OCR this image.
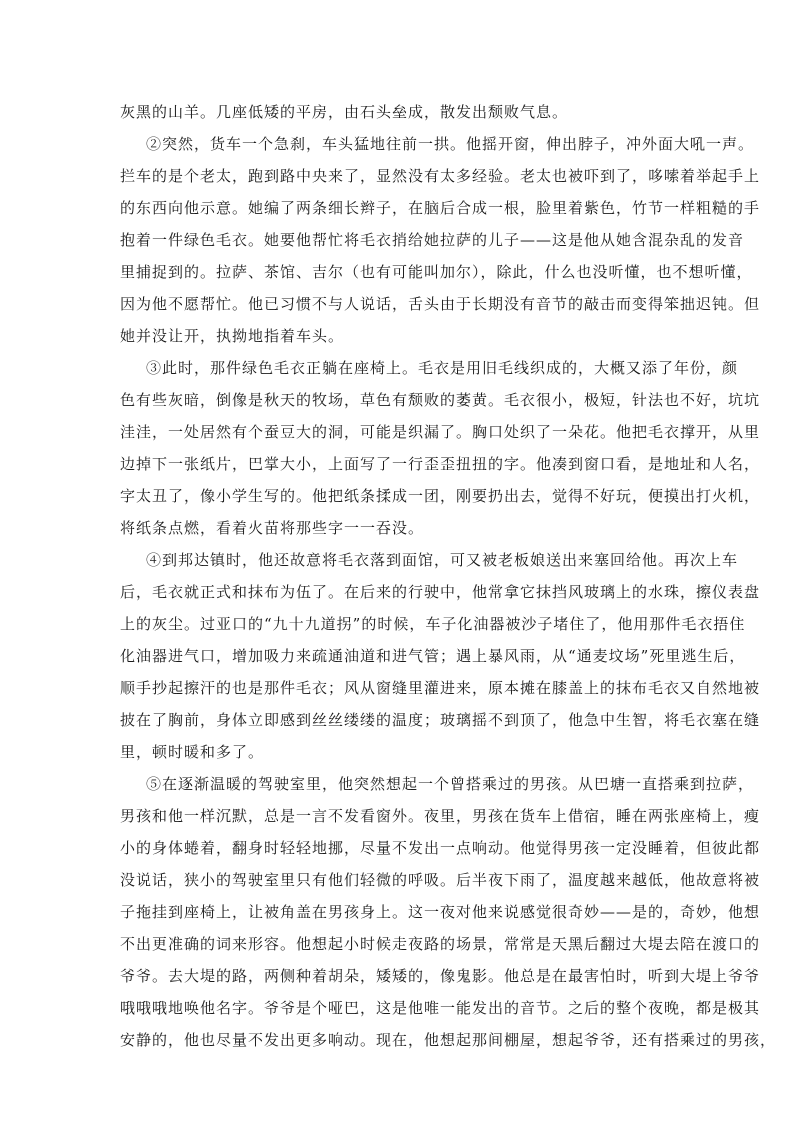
灰黑的山羊。几座低矮的平房，由石头垒成，散发出颓败气息。
②突然，货车一个急刹，车头猛地往前一拱。他摇开窗，伸出脖子，冲外面大吼一声。
拦车的是个老太，跑到路中央来了，显然没有太多经验。老太也被吓到了，哆嗦着举起手上
的东西向他示意。她编了两条细长辫子，在脑后合成一根，脸里着紫色，竹节一样粗糙的手
抱着一件绿色毛衣。她要他帮忙将毛衣捎给她拉萨的儿子——这是他从她含混杂乱的发音
里捕捉到的。拉萨、茶馆、吉尔（也有可能叫加尔），除此，什么也没听懂，也不想听懂，
因为他不愿帮忙。他已习惯不与人说话，舌头由于长期没有音节的敲击而变得笨拙迟钝。但
她并没让开，执拗地指着车头。
③此时，那件绿色毛衣正躺在座椅上。毛衣是用旧毛线织成的，大概又添了年份，颜
色有些灰暗，倒像是秋天的牧场，草色有颓败的萎黄。毛衣很小，极短，针法也不好，坑坑
洼洼，一处居然有个蚕豆大的洞，可能是织漏了。胸口处织了一朵花。他把毛衣撑开，从里
边掉下一张纸片，巴掌大小，上面写了一行歪歪扭扭的字。他凑到窗口看，是地址和人名，
字太丑了，像小学生写的。他把纸条揉成一团，刚要扔出去，觉得不好玩，便摸出打火机，
将纸条点燃，看着火苗将那些字一一吞没。
④到邦达镇时，他还故意将毛衣落到面馆，可又被老板娘送出来塞回给他。再次上车
后，毛衣就正式和抹布为伍了。在后来的行驶中，他常拿它抹挡风玻璃上的水珠，擦仪表盘
上的灰尘。过亚口的“九十九道拐”的时候，车子化油器被沙子堵住了，他用那件毛衣捂住
化油器进气口，增加吸力来疏通油道和进气管；遇上暴风雨，从“通麦坟场”死里逃生后，
顺手抄起擦汗的也是那件毛衣；风从窗缝里灌进来，原本摊在膝盖上的抹布毛衣又自然地被
披在了胸前，身体立即感到丝丝缕缕的温度；玻璃摇不到顶了，他急中生智，将毛衣塞在缝
里，顿时暖和多了。
⑤在逐渐温暖的驾驶室里，他突然想起一个曾搭乘过的男孩。从巴塘一直搭乘到拉萨，
男孩和他一样沉默，总是一言不发看窗外。夜里，男孩在货车上借宿，睡在两张座椅上，瘦
小的身体蜷着，翻身时轻轻地挪，尽量不发出一点响动。他觉得男孩一定没睡着，但彼此都
没说话，狭小的驾驶室里只有他们轻微的呼吸。后半夜下雨了，温度越来越低，他故意将被
子拖挂到座椅上，让被角盖在男孩身上。这一夜对他来说感觉很奇妙——是的，奇妙，他想
不出更准确的词来形容。他想起小时候走夜路的场景，常常是天黑后翻过大堤去陪在渡口的
爷爷。去大堤的路，两侧种着胡朵，矮矮的，像鬼影。他总是在最害怕时，听到大堤上爷爷
哦哦哦地唤他名字。爷爷是个哑巴，这是他唯一能发出的音节。之后的整个夜晚，都是极其
安静的，他也尽量不发出更多响动。现在，他想起那间棚屋，想起爷爷，还有搭乘过的男孩，
